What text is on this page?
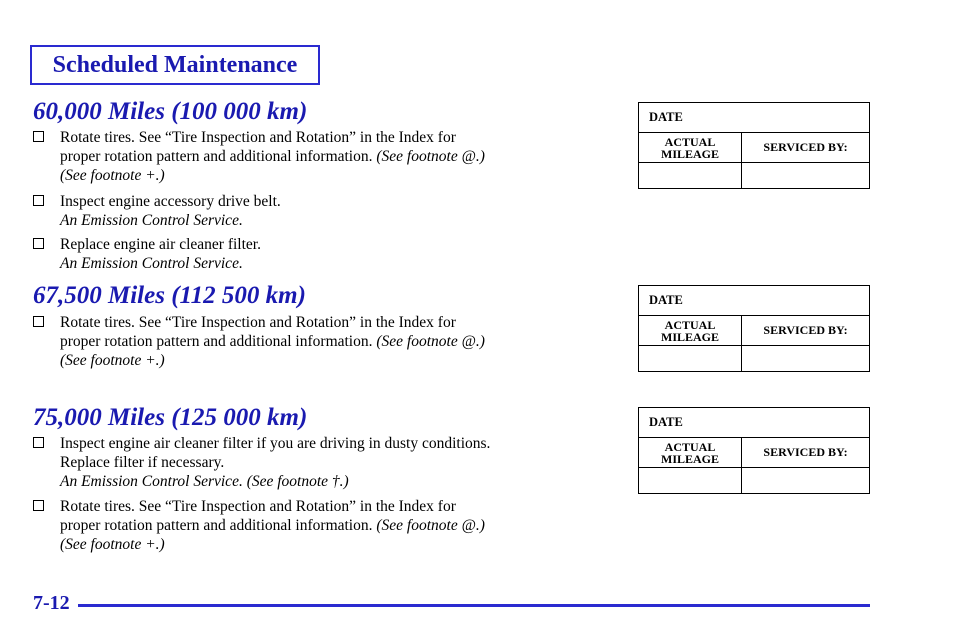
Scheduled Maintenance
60,000 Miles (100 000 km)
Rotate tires. See “Tire Inspection and Rotation” in the Index for
proper rotation pattern and additional information. (See footnote @.)
(See footnote +.)
Inspect engine accessory drive belt.
An Emission Control Service.
Replace engine air cleaner filter.
An Emission Control Service.
67,500 Miles (112 500 km)
Rotate tires. See “Tire Inspection and Rotation” in the Index for
proper rotation pattern and additional information. (See footnote @.)
(See footnote +.)
75,000 Miles (125 000 km)
Inspect engine air cleaner filter if you are driving in dusty conditions.
Replace filter if necessary.
An Emission Control Service. (See footnote †.)
Rotate tires. See “Tire Inspection and Rotation” in the Index for
proper rotation pattern and additional information. (See footnote @.)
(See footnote +.)
DATE
ACTUAL MILEAGE	SERVICED BY:
DATE
ACTUAL MILEAGE	SERVICED BY:
DATE
ACTUAL MILEAGE	SERVICED BY:
7-12
